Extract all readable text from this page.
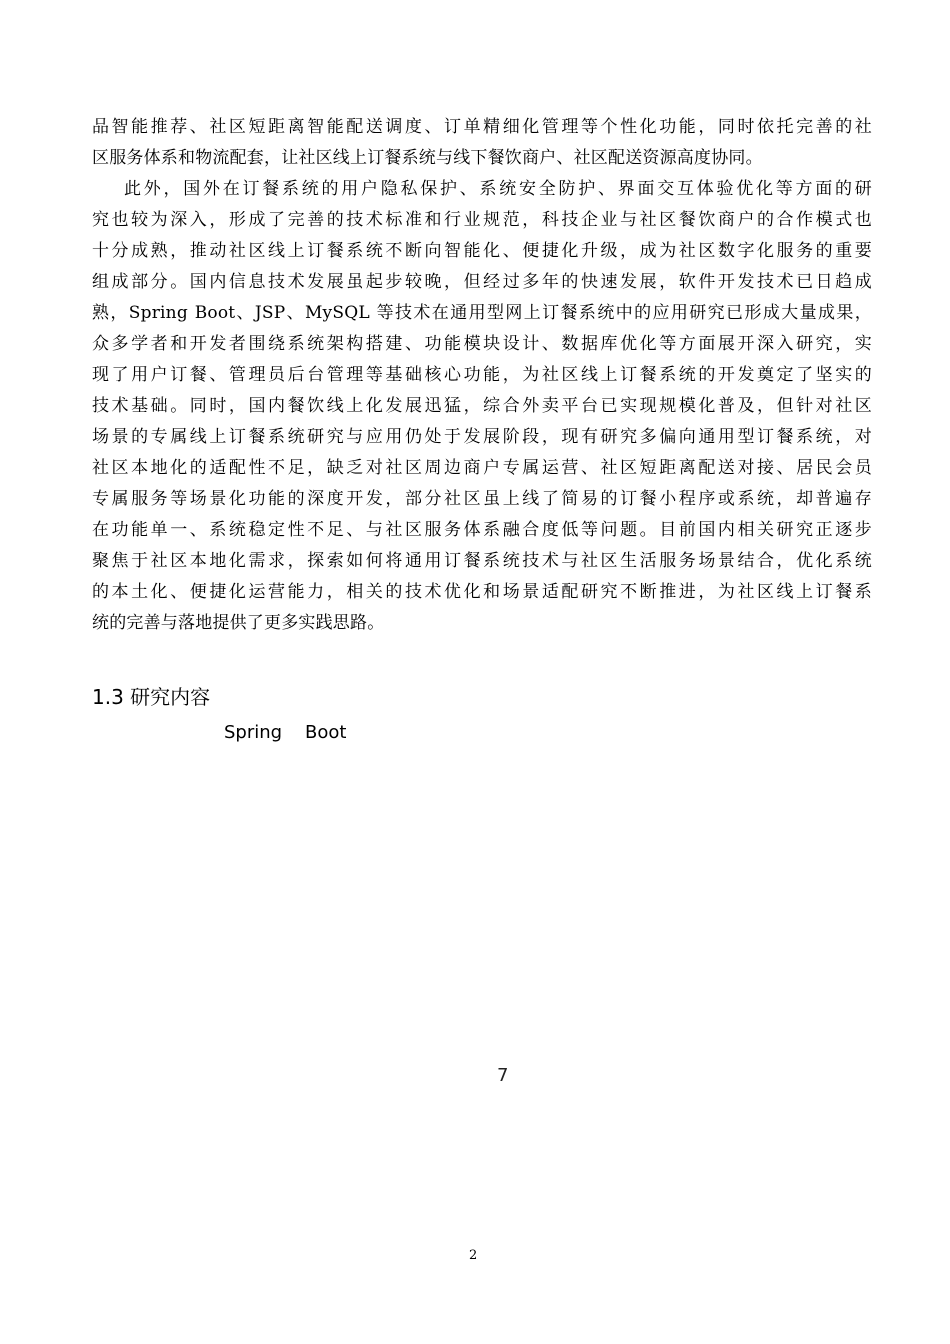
品智能推荐、社区短距离智能配送调度、订单精细化管理等个性化功能，同时依托完善的社
区服务体系和物流配套，让社区线上订餐系统与线下餐饮商户、社区配送资源高度协同。
此外，国外在订餐系统的用户隐私保护、系统安全防护、界面交互体验优化等方面的研
究也较为深入，形成了完善的技术标准和行业规范，科技企业与社区餐饮商户的合作模式也
十分成熟，推动社区线上订餐系统不断向智能化、便捷化升级，成为社区数字化服务的重要
组成部分。国内信息技术发展虽起步较晚，但经过多年的快速发展，软件开发技术已日趋成
熟，Spring Boot、JSP、MySQL 等技术在通用型网上订餐系统中的应用研究已形成大量成果，
众多学者和开发者围绕系统架构搭建、功能模块设计、数据库优化等方面展开深入研究，实
现了用户订餐、管理员后台管理等基础核心功能，为社区线上订餐系统的开发奠定了坚实的
技术基础。同时，国内餐饮线上化发展迅猛，综合外卖平台已实现规模化普及，但针对社区
场景的专属线上订餐系统研究与应用仍处于发展阶段，现有研究多偏向通用型订餐系统，对
社区本地化的适配性不足，缺乏对社区周边商户专属运营、社区短距离配送对接、居民会员
专属服务等场景化功能的深度开发，部分社区虽上线了简易的订餐小程序或系统，却普遍存
在功能单一、系统稳定性不足、与社区服务体系融合度低等问题。目前国内相关研究正逐步
聚焦于社区本地化需求，探索如何将通用订餐系统技术与社区生活服务场景结合，优化系统
的本土化、便捷化运营能力，相关的技术优化和场景适配研究不断推进，为社区线上订餐系
统的完善与落地提供了更多实践思路。
1.3 研究内容
Spring    Boot
7
2
